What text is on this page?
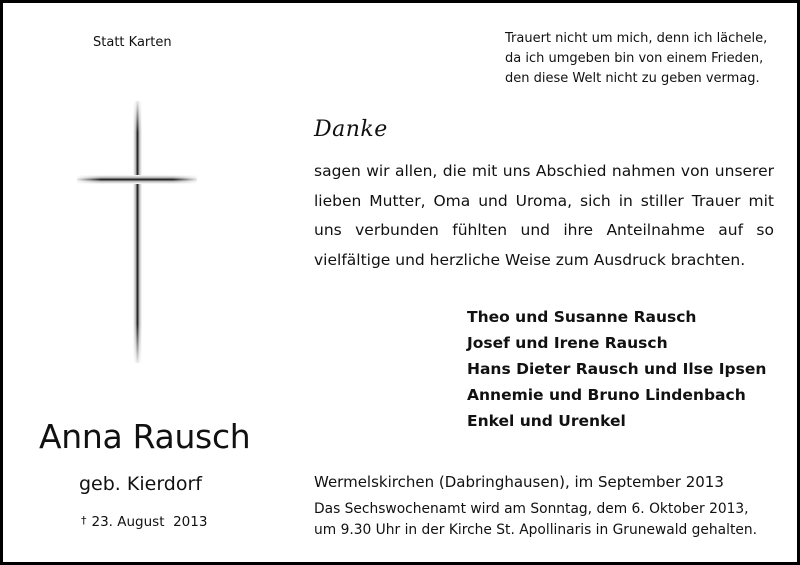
Statt Karten	Trauert nicht um mich, denn ich lächele,
da ich umgeben bin von einem Frieden,
den diese Welt nicht zu geben vermag.
Danke

sagen wir allen, die mit uns Abschied nahmen von unserer lieben Mutter, Oma und Uroma, sich in stiller Trauer mit uns verbunden fühlten und ihre Anteilnahme auf so vielfältige und herzliche Weise zum Ausdruck brachten.

Theo und Susanne Rausch
Josef und Irene Rausch
Hans Dieter Rausch und Ilse Ipsen
Annemie und Bruno Lindenbach
Enkel und Urenkel
Anna Rausch
geb. Kierdorf
† 23. August  2013
Wermelskirchen (Dabringhausen), im September 2013
Das Sechswochenamt wird am Sonntag, dem 6. Oktober 2013,
um 9.30 Uhr in der Kirche St. Apollinaris in Grunewald gehalten.
